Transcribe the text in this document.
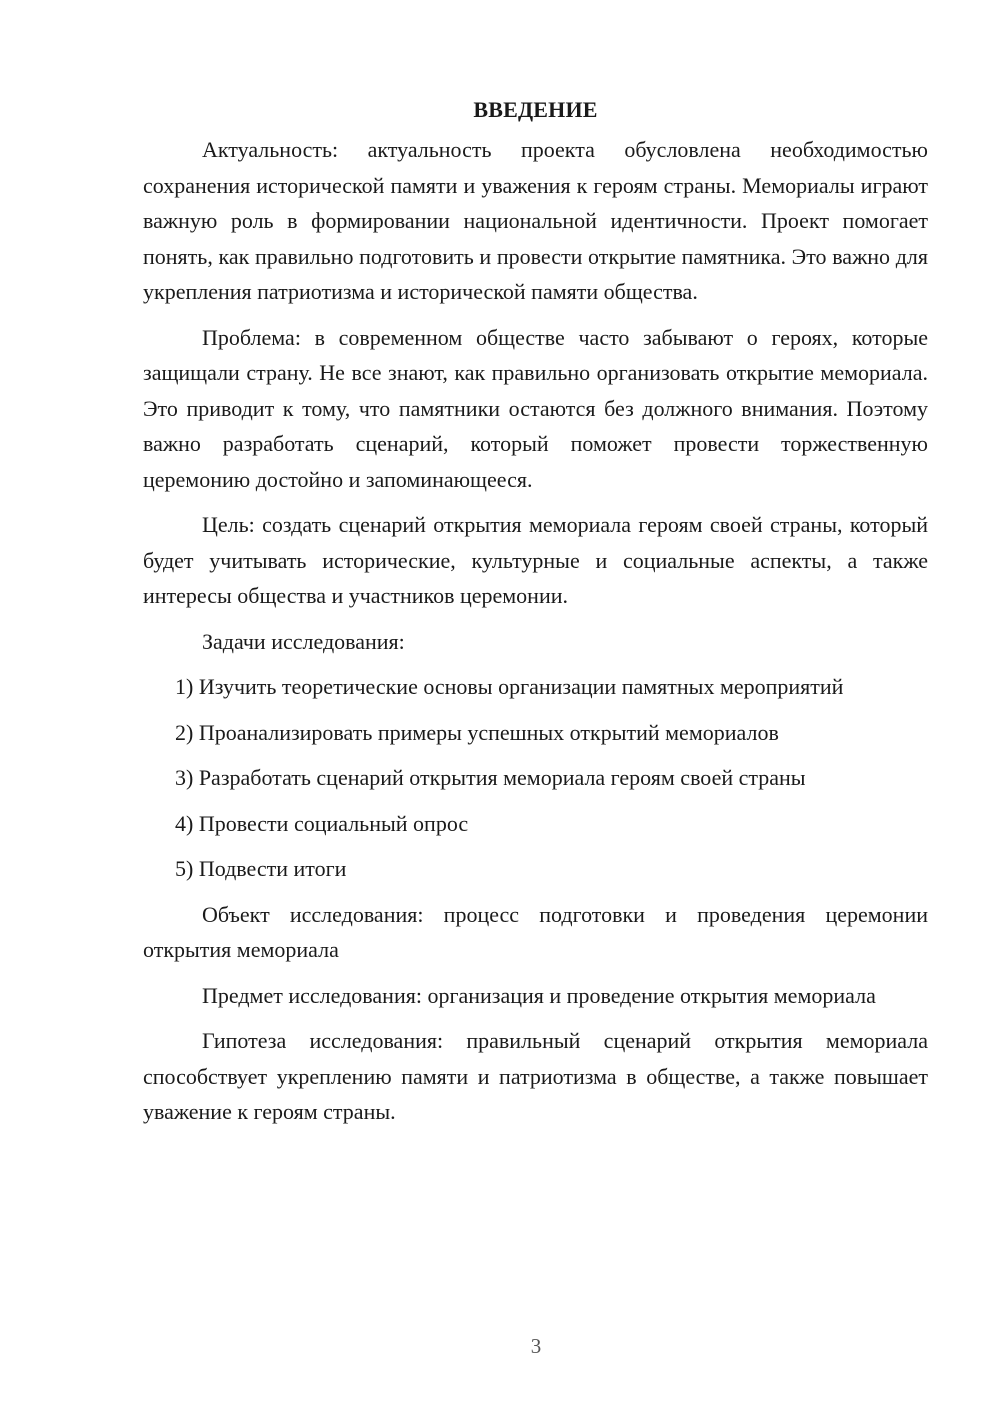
ВВЕДЕНИЕ

Актуальность: актуальность проекта обусловлена необходимостью сохранения исторической памяти и уважения к героям страны. Мемориалы играют важную роль в формировании национальной идентичности. Проект помогает понять, как правильно подготовить и провести открытие памятника. Это важно для укрепления патриотизма и исторической памяти общества.

Проблема: в современном обществе часто забывают о героях, которые защищали страну. Не все знают, как правильно организовать открытие мемориала. Это приводит к тому, что памятники остаются без должного внимания. Поэтому важно разработать сценарий, который поможет провести торжественную церемонию достойно и запоминающееся.

Цель: создать сценарий открытия мемориала героям своей страны, который будет учитывать исторические, культурные и социальные аспекты, а также интересы общества и участников церемонии.

Задачи исследования:

1) Изучить теоретические основы организации памятных мероприятий

2) Проанализировать примеры успешных открытий мемориалов

3) Разработать сценарий открытия мемориала героям своей страны

4) Провести социальный опрос

5) Подвести итоги

Объект исследования: процесс подготовки и проведения церемонии открытия мемориала

Предмет исследования: организация и проведение открытия мемориала

Гипотеза исследования: правильный сценарий открытия мемориала способствует укреплению памяти и патриотизма в обществе, а также повышает уважение к героям страны.

3
